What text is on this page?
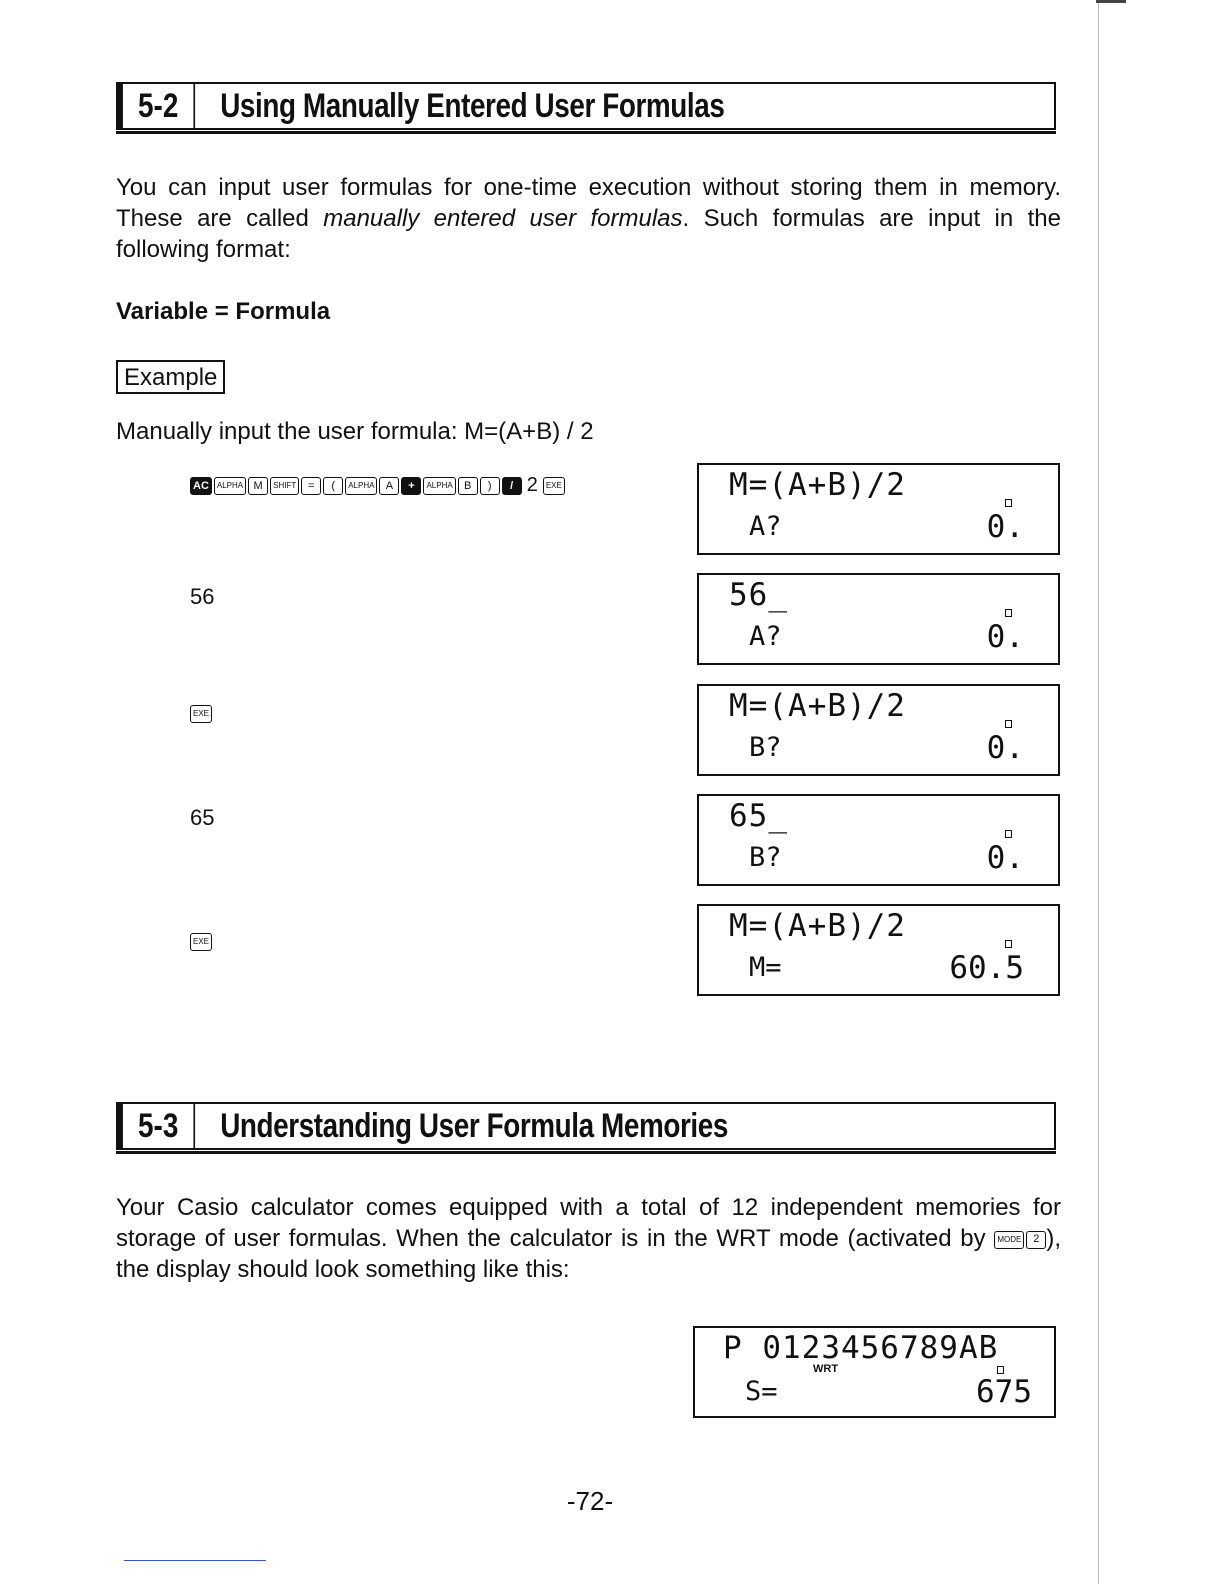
5-2	Using Manually Entered User Formulas
You can input user formulas for one-time execution without storing them in memory. These are called manually entered user formulas. Such formulas are input in the following format:
Variable = Formula
Example
Manually input the user formula: M=(A+B) / 2
AC	ALPHA M	SHIFT	=	(	ALPHA	A	+	ALPHA	B	)	/ 2	EXE
56
EXE
65
EXE
M=(A+B)/2
A?	0.
56_
A?	0.
M=(A+B)/2
B?	0.
65_
B?	0.
M=(A+B)/2
M=	60.5
5-3	Understanding User Formula Memories
Your Casio calculator comes equipped with a total of 12 independent memories for storage of user formulas. When the calculator is in the WRT mode (activated by MODE 2 ), the display should look something like this:
P 0123456789AB
WRT
S=	675
-72-
